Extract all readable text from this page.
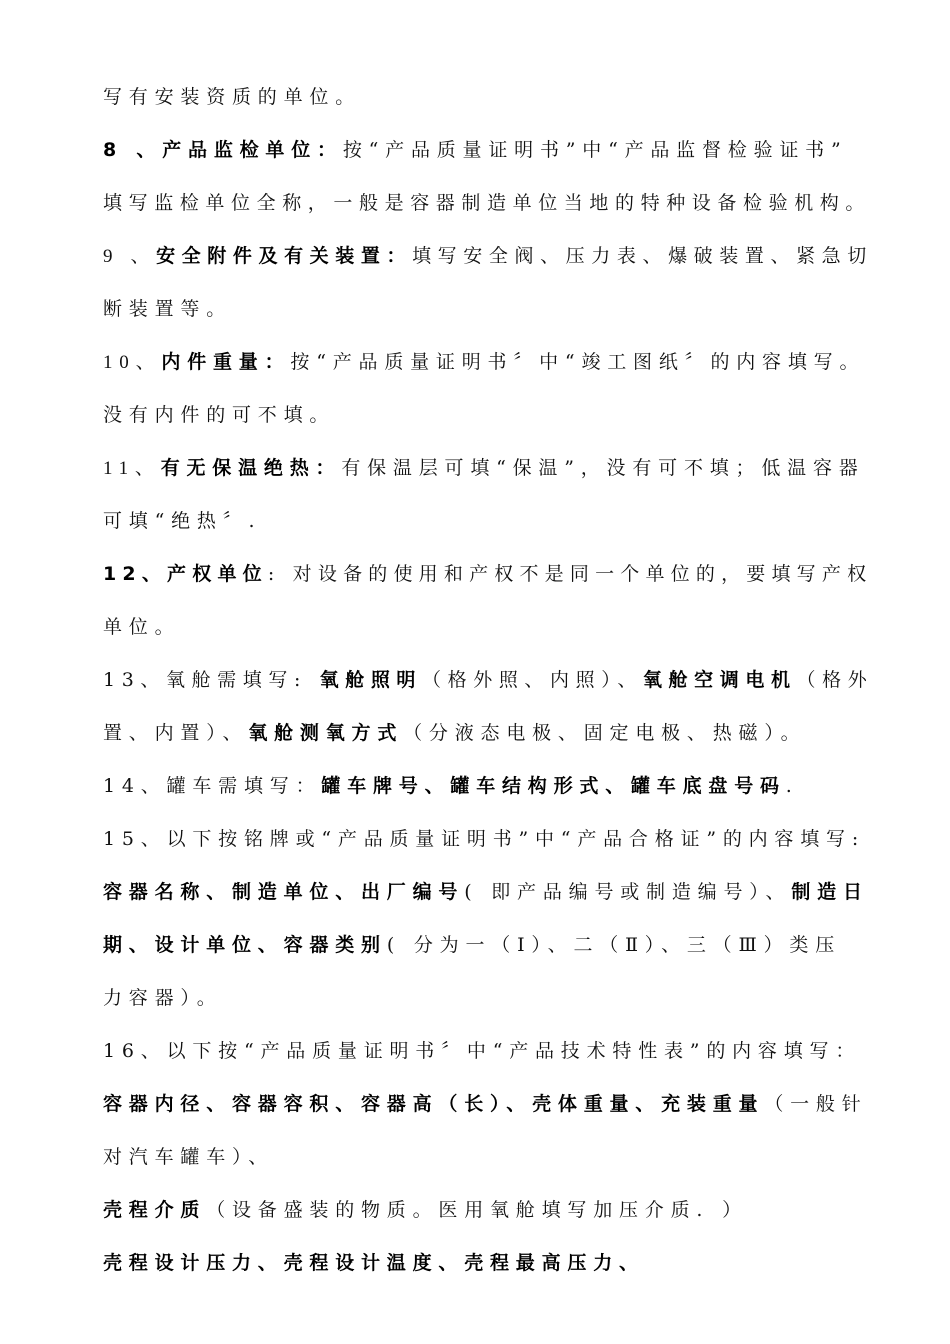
写有安装资质的单位。
8 、产品监检单位：按“产品质量证明书”中“产品监督检验证书”
填写监检单位全称，一般是容器制造单位当地的特种设备检验机构。
9 、安全附件及有关装置：填写安全阀、压力表、爆破装置、紧急切
断装置等。
10、内件重量：按“产品质量证明书〞中“竣工图纸〞的内容填写。
没有内件的可不填。
11、有无保温绝热：有保温层可填“保温”，没有可不填；低温容器
可填“绝热〞.
12、产权单位: 对设备的使用和产权不是同一个单位的，要填写产权
单位。
13、氧舱需填写: 氧舱照明（格外照、内照）、氧舱空调电机（格外
置、内置）、氧舱测氧方式（分液态电极、固定电极、热磁）。
14、罐车需填写：罐车牌号、罐车结构形式、罐车底盘号码.
15、以下按铭牌或“产品质量证明书”中“产品合格证”的内容填写:
容器名称、制造单位、出厂编号( 即产品编号或制造编号）、制造日
期、设计单位、容器类别( 分为一（Ⅰ）、二（Ⅱ）、三（Ⅲ）类压
力容器）。
16、以下按“产品质量证明书〞中“产品技术特性表”的内容填写：
容器内径、容器容积、容器高（长）、壳体重量、充装重量（一般针
对汽车罐车）、
壳程介质（设备盛装的物质。医用氧舱填写加压介质. ）
壳程设计压力、壳程设计温度、壳程最高压力、
